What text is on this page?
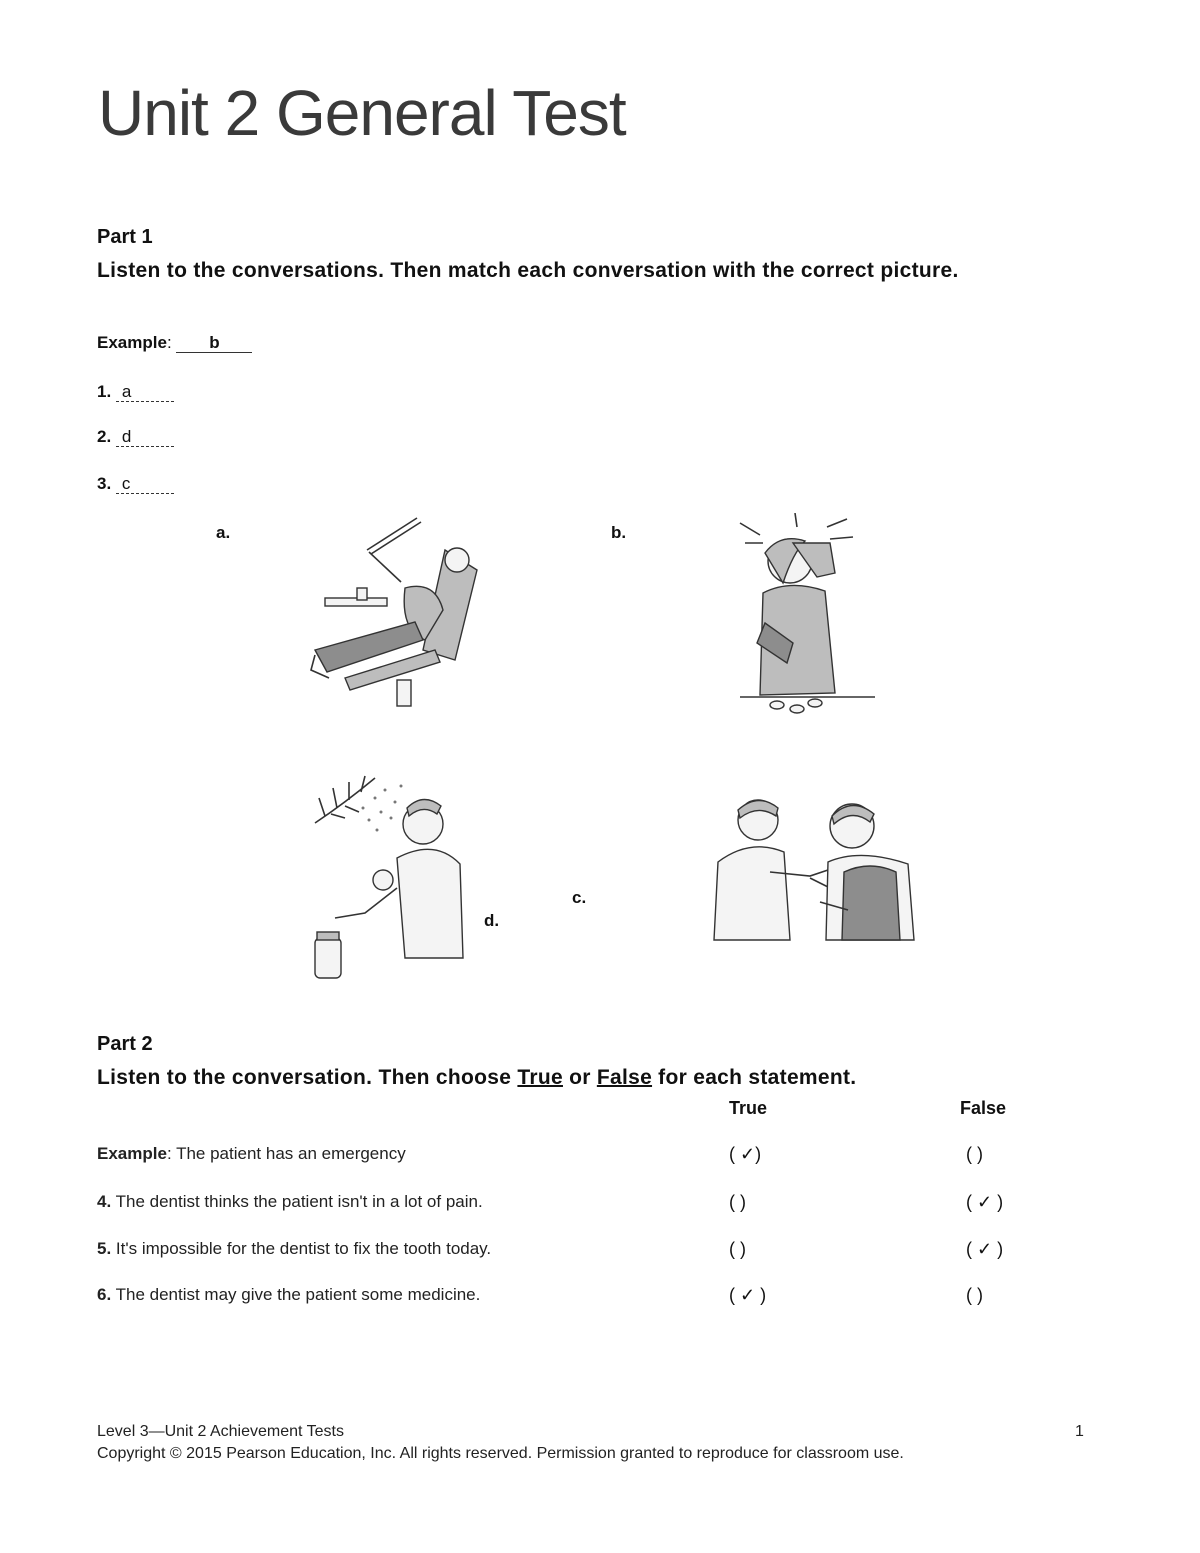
Unit 2 General Test
Part 1
Listen to the conversations. Then match each conversation with the correct picture.
Example: b
1. a
2. d
3. c
a.	b.
c.
d.
Part 2
Listen to the conversation. Then choose True or False for each statement.
True	False
Example: The patient has an emergency	( ✓)	( )
4. The dentist thinks the patient isn't in a lot of pain.	( )	( ✓ )
5. It's impossible for the dentist to fix the tooth today.	( )	( ✓ )
6. The dentist may give the patient some medicine.	( ✓ )	( )
Level 3—Unit 2 Achievement Tests	1
Copyright © 2015 Pearson Education, Inc. All rights reserved. Permission granted to reproduce for classroom use.
